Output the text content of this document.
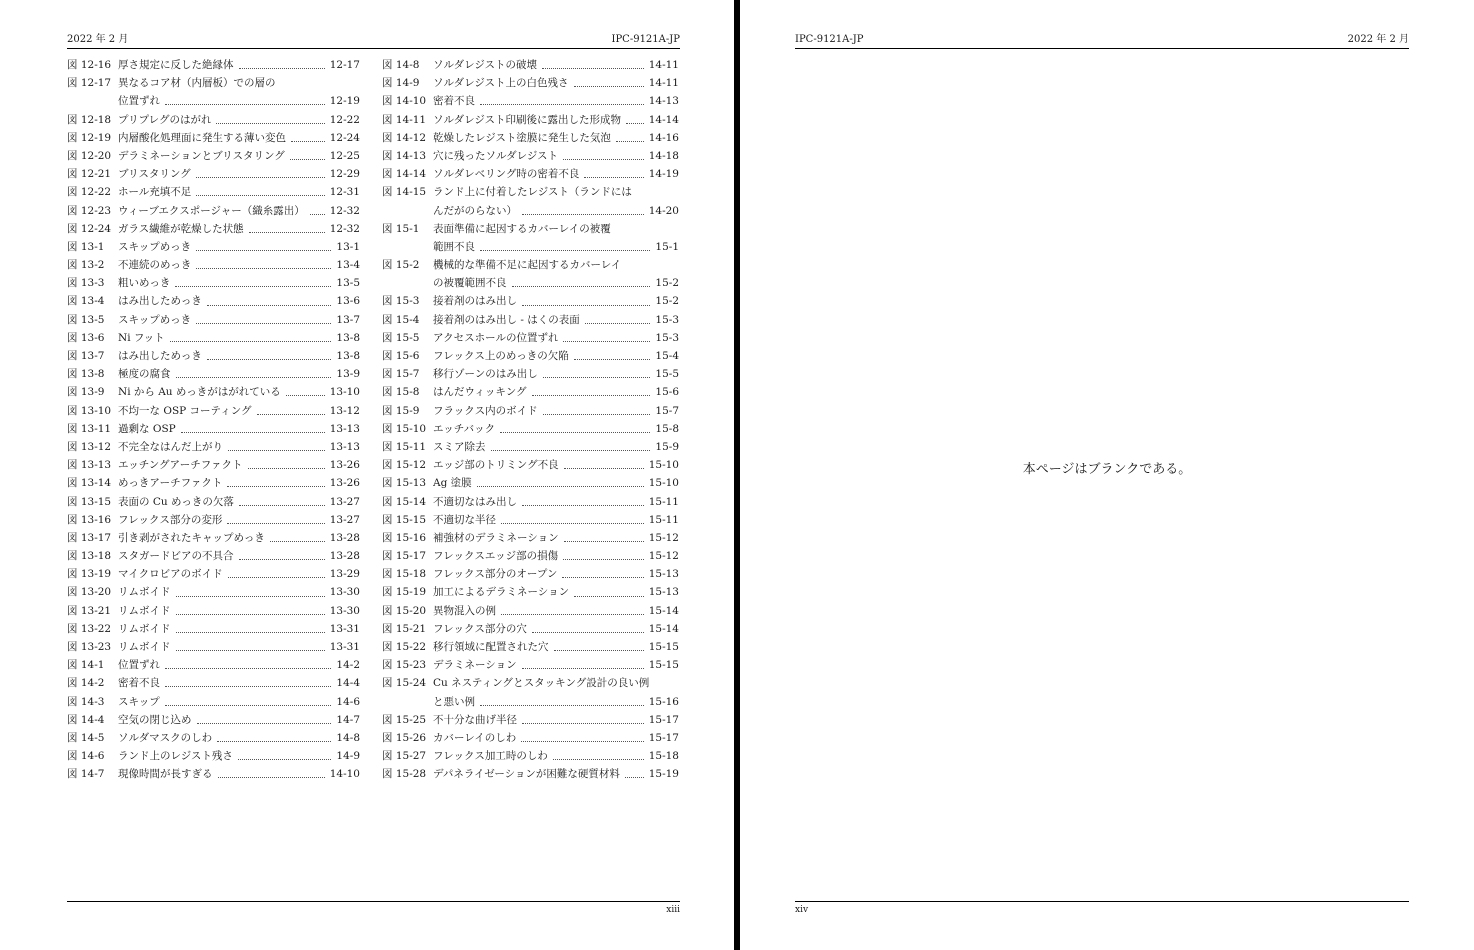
2022 年 2 月	IPC-9121A-JP
図 12-16 厚さ規定に反した絶縁体	12-17
図 12-17 異なるコア材（内層板）での層の
位置ずれ	12-19
図 12-18 プリプレグのはがれ	12-22
図 12-19 内層酸化処理面に発生する薄い変色	12-24
図 12-20 デラミネーションとブリスタリング	12-25
図 12-21 ブリスタリング	12-29
図 12-22 ホール充填不足	12-31
図 12-23 ウィーブエクスポージャー（織糸露出） 12-32
図 12-24 ガラス繊維が乾燥した状態	12-32
図 13-1	スキップめっき	13-1
図 13-2	不連続のめっき	13-4
図 13-3	粗いめっき	13-5
図 13-4	はみ出しためっき	13-6
図 13-5	スキップめっき	13-7
図 13-6	Ni フット	13-8
図 13-7	はみ出しためっき	13-8
図 13-8	極度の腐食	13-9
図 13-9	Ni から Au めっきがはがれている	13-10
図 13-10 不均一な OSP コーティング	13-12
図 13-11 過剰な OSP	13-13
図 13-12 不完全なはんだ上がり	13-13
図 13-13 エッチングアーチファクト	13-26
図 13-14 めっきアーチファクト	13-26
図 13-15 表面の Cu めっきの欠落	13-27
図 13-16 フレックス部分の変形	13-27
図 13-17 引き剥がされたキャップめっき	13-28
図 13-18 スタガードビアの不具合	13-28
図 13-19 マイクロビアのボイド	13-29
図 13-20 リムボイド	13-30
図 13-21 リムボイド	13-30
図 13-22 リムボイド	13-31
図 13-23 リムボイド	13-31
図 14-1	位置ずれ	14-2
図 14-2	密着不良	14-4
図 14-3	スキップ	14-6
図 14-4	空気の閉じ込め	14-7
図 14-5	ソルダマスクのしわ	14-8
図 14-6	ランド上のレジスト残さ	14-9
図 14-7	現像時間が長すぎる	14-10
図 14-8	ソルダレジストの破壊	14-11
図 14-9	ソルダレジスト上の白色残さ	14-11
図 14-10 密着不良	14-13
図 14-11 ソルダレジスト印刷後に露出した形成物	14-14
図 14-12 乾燥したレジスト塗膜に発生した気泡	14-16
図 14-13 穴に残ったソルダレジスト	14-18
図 14-14 ソルダレベリング時の密着不良	14-19
図 14-15 ランド上に付着したレジスト（ランドには
んだがのらない）	14-20
図 15-1	表面準備に起因するカバーレイの被覆
範囲不良	15-1
図 15-2	機械的な準備不足に起因するカバーレイ
の被覆範囲不良	15-2
図 15-3	接着剤のはみ出し	15-2
図 15-4	接着剤のはみ出し - はくの表面	15-3
図 15-5	アクセスホールの位置ずれ	15-3
図 15-6	フレックス上のめっきの欠陥	15-4
図 15-7	移行ゾーンのはみ出し	15-5
図 15-8	はんだウィッキング	15-6
図 15-9	フラックス内のボイド	15-7
図 15-10 エッチバック	15-8
図 15-11 スミア除去	15-9
図 15-12 エッジ部のトリミング不良	15-10
図 15-13 Ag 塗膜	15-10
図 15-14 不適切なはみ出し	15-11
図 15-15 不適切な半径	15-11
図 15-16 補強材のデラミネーション	15-12
図 15-17 フレックスエッジ部の損傷	15-12
図 15-18 フレックス部分のオープン	15-13
図 15-19 加工によるデラミネーション	15-13
図 15-20 異物混入の例	15-14
図 15-21 フレックス部分の穴	15-14
図 15-22 移行領域に配置された穴	15-15
図 15-23 デラミネーション	15-15
図 15-24 Cu ネスティングとスタッキング設計の良い例
と悪い例	15-16
図 15-25 不十分な曲げ半径	15-17
図 15-26 カバーレイのしわ	15-17
図 15-27 フレックス加工時のしわ	15-18
図 15-28 デパネライゼーションが困難な硬質材料	15-19
xiii
IPC-9121A-JP	2022 年 2 月
本ページはブランクである。
xiv
